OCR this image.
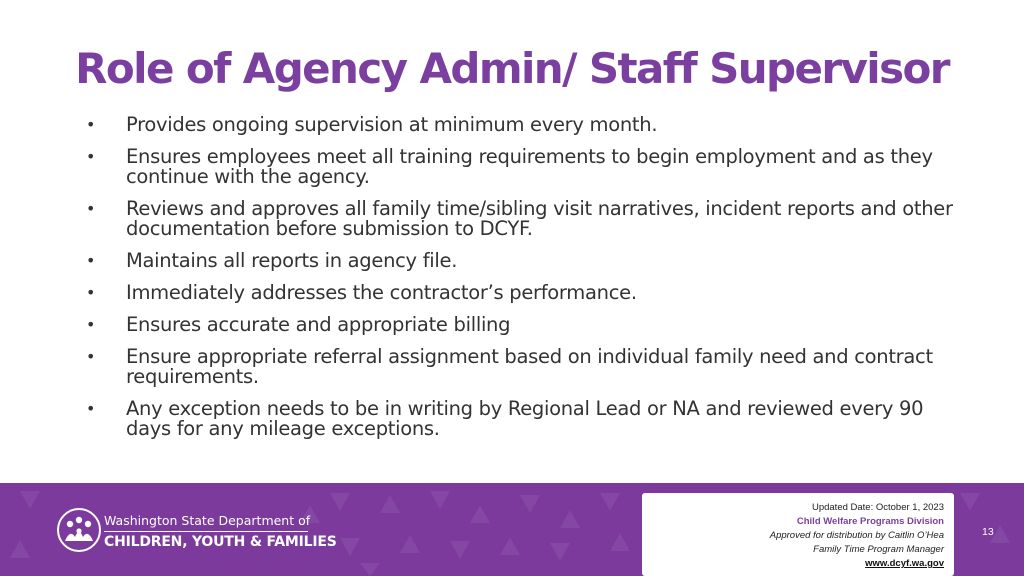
Role of Agency Admin/ Staff Supervisor
• Provides ongoing supervision at minimum every month.
• Ensures employees meet all training requirements to begin employment and as they continue with the agency.
• Reviews and approves all family time/sibling visit narratives, incident reports and other documentation before submission to DCYF.
• Maintains all reports in agency file.
• Immediately addresses the contractor’s performance.
• Ensures accurate and appropriate billing
• Ensure appropriate referral assignment based on individual family need and contract requirements.
• Any exception needs to be in writing by Regional Lead or NA and reviewed every 90 days for any mileage exceptions.
Washington State Department of
CHILDREN, YOUTH & FAMILIES
Updated Date: October 1, 2023
Child Welfare Programs Division
Approved for distribution by Caitlin O’Hea
Family Time Program Manager
www.dcyf.wa.gov
13
